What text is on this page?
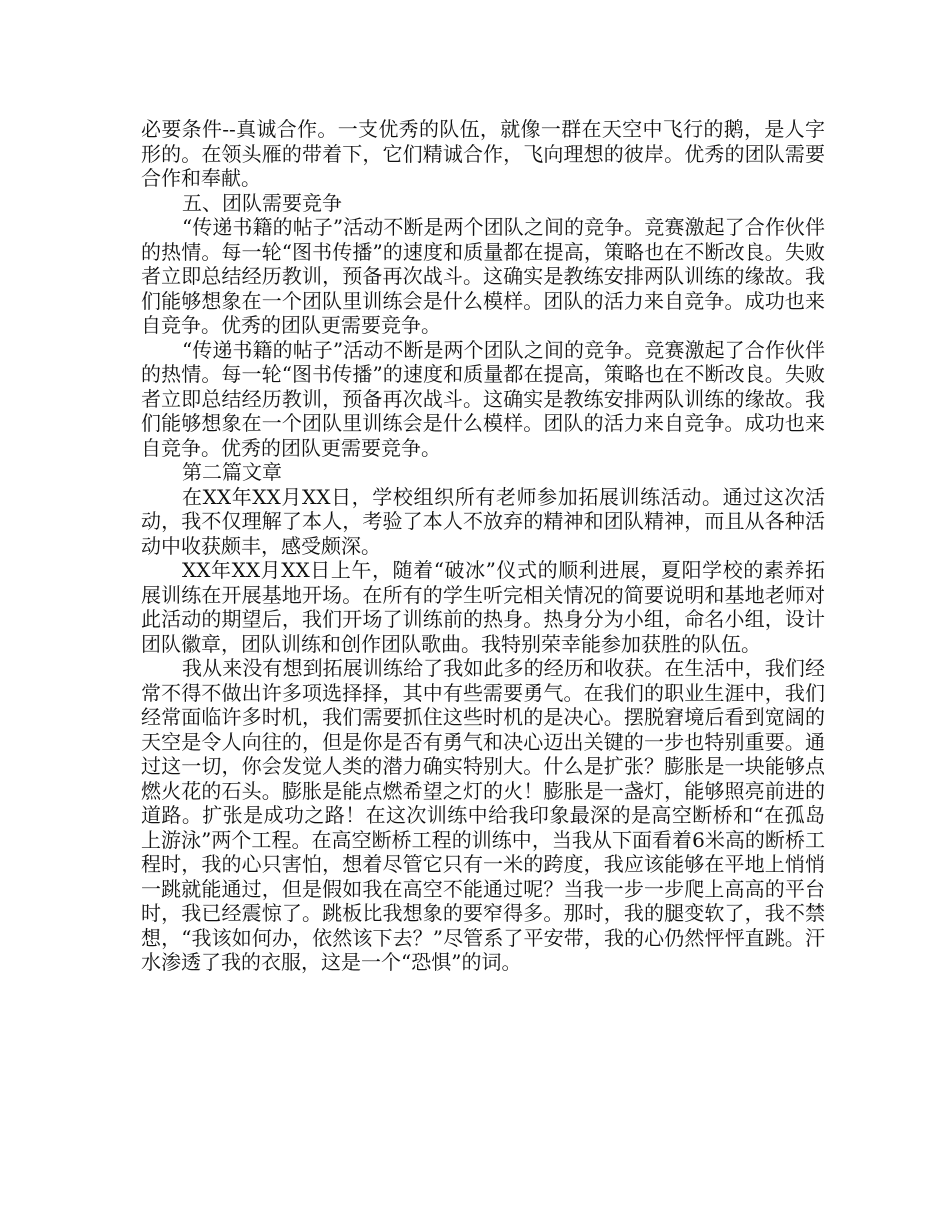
必要条件--真诚合作。一支优秀的队伍，就像一群在天空中飞行的鹅，是人字形的。在领头雁的带着下，它们精诚合作，飞向理想的彼岸。优秀的团队需要合作和奉献。

五、团队需要竞争

“传递书籍的帖子”活动不断是两个团队之间的竞争。竞赛激起了合作伙伴的热情。每一轮“图书传播”的速度和质量都在提高，策略也在不断改良。失败者立即总结经历教训，预备再次战斗。这确实是教练安排两队训练的缘故。我们能够想象在一个团队里训练会是什么模样。团队的活力来自竞争。成功也来自竞争。优秀的团队更需要竞争。

“传递书籍的帖子”活动不断是两个团队之间的竞争。竞赛激起了合作伙伴的热情。每一轮“图书传播”的速度和质量都在提高，策略也在不断改良。失败者立即总结经历教训，预备再次战斗。这确实是教练安排两队训练的缘故。我们能够想象在一个团队里训练会是什么模样。团队的活力来自竞争。成功也来自竞争。优秀的团队更需要竞争。

第二篇文章

在XX年XX月XX日，学校组织所有老师参加拓展训练活动。通过这次活动，我不仅理解了本人，考验了本人不放弃的精神和团队精神，而且从各种活动中收获颇丰，感受颇深。

XX年XX月XX日上午，随着“破冰”仪式的顺利进展，夏阳学校的素养拓展训练在开展基地开场。在所有的学生听完相关情况的简要说明和基地老师对此活动的期望后，我们开场了训练前的热身。热身分为小组，命名小组，设计团队徽章，团队训练和创作团队歌曲。我特别荣幸能参加获胜的队伍。

我从来没有想到拓展训练给了我如此多的经历和收获。在生活中，我们经常不得不做出许多项选择择，其中有些需要勇气。在我们的职业生涯中，我们经常面临许多时机，我们需要抓住这些时机的是决心。摆脱窘境后看到宽阔的天空是令人向往的，但是你是否有勇气和决心迈出关键的一步也特别重要。通过这一切，你会发觉人类的潜力确实特别大。什么是扩张？膨胀是一块能够点燃火花的石头。膨胀是能点燃希望之灯的火！膨胀是一盏灯，能够照亮前进的道路。扩张是成功之路！在这次训练中给我印象最深的是高空断桥和“在孤岛上游泳”两个工程。在高空断桥工程的训练中，当我从下面看着6米高的断桥工程时，我的心只害怕，想着尽管它只有一米的跨度，我应该能够在平地上悄悄一跳就能通过，但是假如我在高空不能通过呢？当我一步一步爬上高高的平台时，我已经震惊了。跳板比我想象的要窄得多。那时，我的腿变软了，我不禁想，“我该如何办，依然该下去？”尽管系了平安带，我的心仍然怦怦直跳。汗水渗透了我的衣服，这是一个“恐惧”的词。
